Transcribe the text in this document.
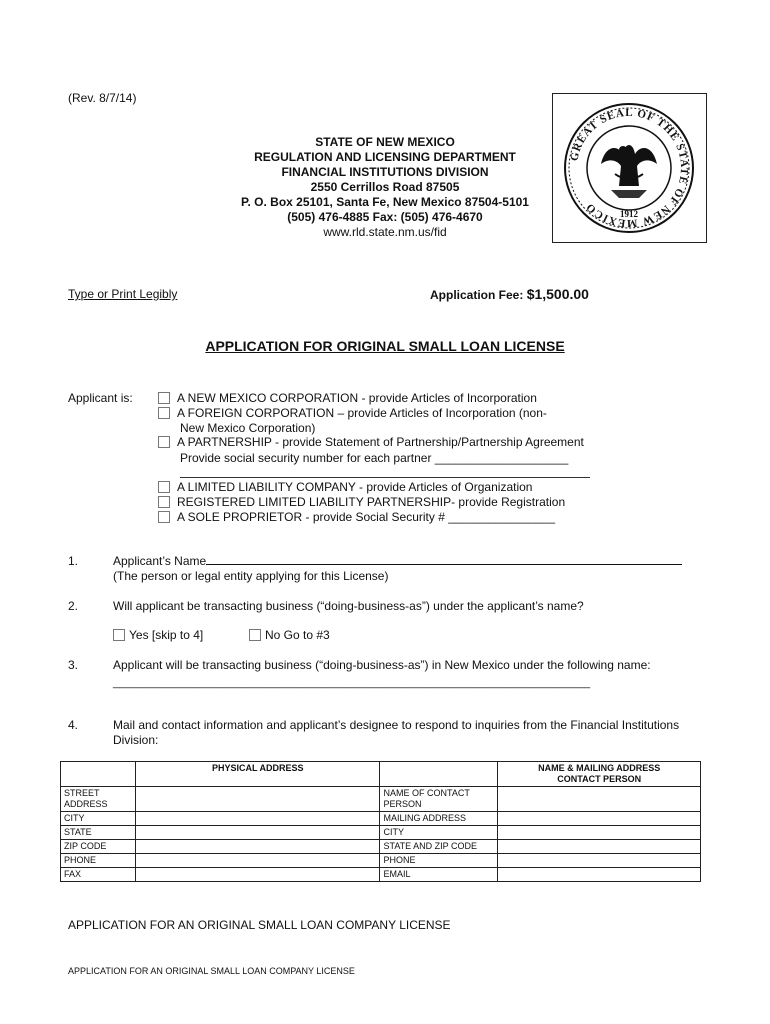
(Rev. 8/7/14)
GREAT SEAL OF THE STATE OF NEW MEXICO	1912
STATE OF NEW MEXICO
REGULATION AND LICENSING DEPARTMENT
FINANCIAL INSTITUTIONS DIVISION
2550 Cerrillos Road 87505
P. O. Box 25101, Santa Fe, New Mexico 87504-5101
(505) 476-4885 Fax: (505) 476-4670
www.rld.state.nm.us/fid
Type or Print Legibly	Application Fee: $1,500.00
APPLICATION FOR ORIGINAL SMALL LOAN LICENSE
Applicant is:	A NEW MEXICO CORPORATION - provide Articles of Incorporation
A FOREIGN CORPORATION – provide Articles of Incorporation (non-
New Mexico Corporation)
A PARTNERSHIP - provide Statement of Partnership/Partnership Agreement
Provide social security number for each partner ____________________
A LIMITED LIABILITY COMPANY - provide Articles of Organization
REGISTERED LIMITED LIABILITY PARTNERSHIP- provide Registration
A SOLE PROPRIETOR - provide Social Security # ________________
1.	Applicant’s Name
(The person or legal entity applying for this License)
2.	Will applicant be transacting business (“doing-business-as”) under the applicant’s name?
Yes [skip to 4]	No Go to #3
3.	Applicant will be transacting business (“doing-business-as”) in New Mexico under the following name:
______________________________________________________________________________
4.	Mail and contact information and applicant’s designee to respond to inquiries from the Financial Institutions
Division:
	PHYSICAL ADDRESS		NAME & MAILING ADDRESS
CONTACT PERSON
STREET
ADDRESS		NAME OF CONTACT
PERSON	
CITY		MAILING ADDRESS	
STATE		CITY	
ZIP CODE		STATE AND ZIP CODE	
PHONE		PHONE	
FAX		EMAIL	
APPLICATION FOR AN ORIGINAL SMALL LOAN COMPANY LICENSE
APPLICATION FOR AN ORIGINAL SMALL LOAN COMPANY LICENSE
